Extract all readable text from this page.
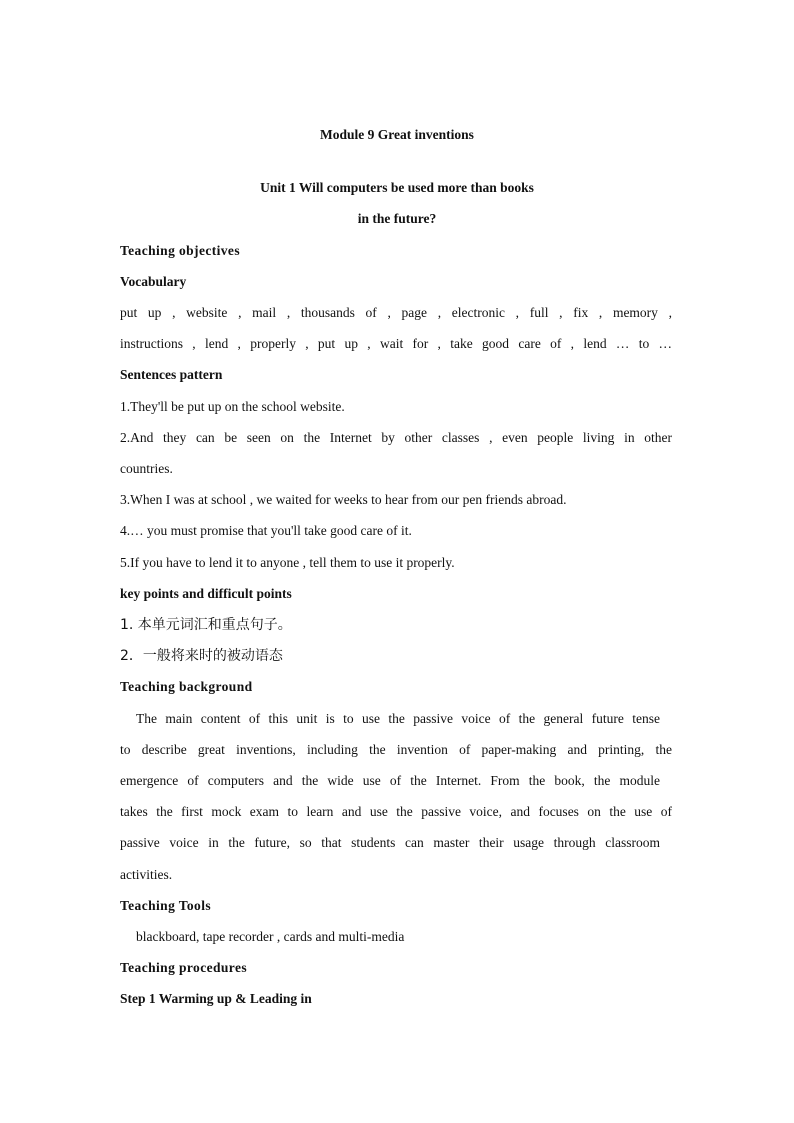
Module 9 Great inventions
Unit 1 Will computers be used more than books
in the future?
Teaching objectives
Vocabulary
put up , website , mail , thousands of , page , electronic , full , fix , memory ,
instructions , lend , properly , put up , wait for , take good care of , lend … to …
Sentences pattern
1.They'll be put up on the school website.
2.And they can be seen on the Internet by other classes , even people living in other
countries.
3.When I was at school , we waited for weeks to hear from our pen friends abroad.
4.… you must promise that you'll take good care of it.
5.If you have to lend it to anyone , tell them to use it properly.
key points and difficult points
1. 本单元词汇和重点句子。
2．一般将来时的被动语态
Teaching background
The main content of this unit is to use the passive voice of the general future tense
to describe great inventions, including the invention of paper-making and printing, the
emergence of computers and the wide use of the Internet. From the book, the module
takes the first mock exam to learn and use the passive voice, and focuses on the use of
passive voice in the future, so that students can master their usage through classroom
activities.
Teaching Tools
blackboard, tape recorder , cards and multi-media
Teaching procedures
Step 1 Warming up & Leading in
